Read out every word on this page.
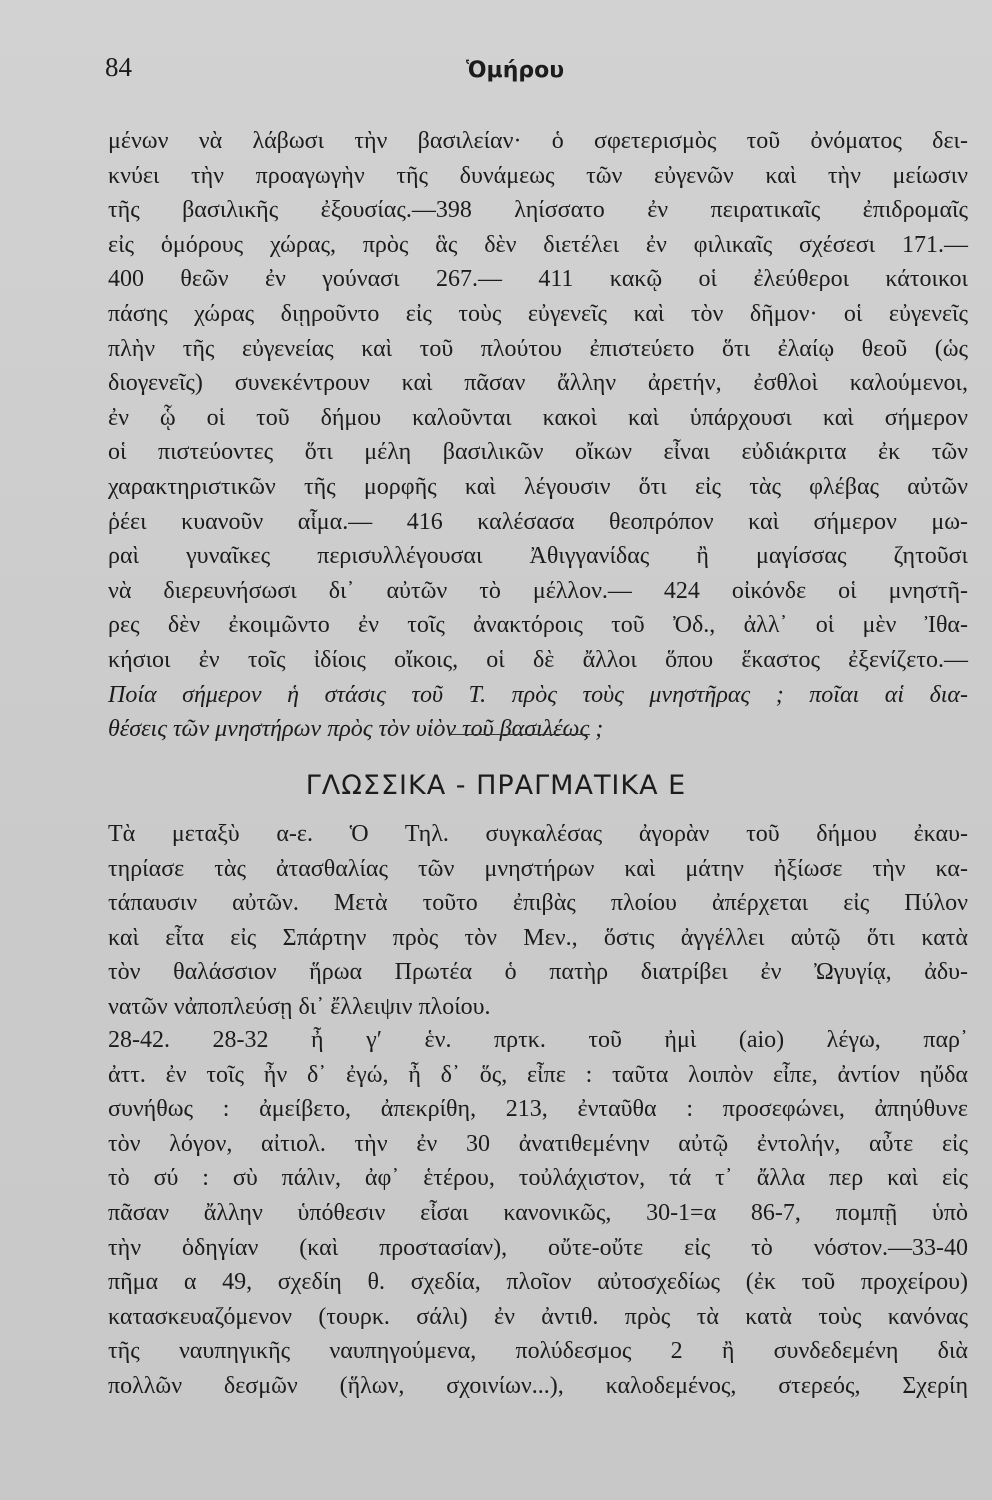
84	Ὁμήρου
μένων νὰ λάβωσι τὴν βασιλείαν· ὁ σφετερισμὸς τοῦ ὀνόματος δει-
κνύει τὴν προαγωγὴν τῆς δυνάμεως τῶν εὐγενῶν καὶ τὴν μείωσιν
τῆς βασιλικῆς ἐξουσίας.—398 ληίσσατο ἐν πειρατικαῖς ἐπιδρομαῖς
εἰς ὁμόρους χώρας, πρὸς ἃς δὲν διετέλει ἐν φιλικαῖς σχέσεσι 171.—
400 θεῶν ἐν γούνασι 267.— 411 κακῷ οἱ ἐλεύθεροι κάτοικοι
πάσης χώρας διῃροῦντο εἰς τοὺς εὐγενεῖς καὶ τὸν δῆμον· οἱ εὐγενεῖς
πλὴν τῆς εὐγενείας καὶ τοῦ πλούτου ἐπιστεύετο ὅτι ἐλαίῳ θεοῦ (ὡς
διογενεῖς) συνεκέντρουν καὶ πᾶσαν ἄλλην ἀρετήν, ἐσθλοὶ καλούμενοι,
ἐν ᾧ οἱ τοῦ δήμου καλοῦνται κακοὶ καὶ ὑπάρχουσι καὶ σήμερον
οἱ πιστεύοντες ὅτι μέλη βασιλικῶν οἴκων εἶναι εὐδιάκριτα ἐκ τῶν
χαρακτηριστικῶν τῆς μορφῆς καὶ λέγουσιν ὅτι εἰς τὰς φλέβας αὐτῶν
ῥέει κυανοῦν αἷμα.— 416 καλέσασα θεοπρόπον καὶ σήμερον μω-
ραὶ γυναῖκες περισυλλέγουσαι Ἀθιγγανίδας ἢ μαγίσσας ζητοῦσι
νὰ διερευνήσωσι δι᾽ αὐτῶν τὸ μέλλον.— 424 οἰκόνδε οἱ μνηστῆ-
ρες δὲν ἐκοιμῶντο ἐν τοῖς ἀνακτόροις τοῦ Ὀδ., ἀλλ᾽ οἱ μὲν Ἰθα-
κήσιοι ἐν τοῖς ἰδίοις οἴκοις, οἱ δὲ ἄλλοι ὅπου ἕκαστος ἐξενίζετο.—
Ποία σήμερον ἡ στάσις τοῦ Τ. πρὸς τοὺς μνηστῆρας ; ποῖαι αἱ δια-
θέσεις τῶν μνηστήρων πρὸς τὸν υἱὸν τοῦ βασιλέως ;
ΓΛΩΣΣΙΚΑ - ΠΡΑΓΜΑΤΙΚΑ Ε
Τὰ μεταξὺ α-ε. Ὁ Τηλ. συγκαλέσας ἀγορὰν τοῦ δήμου ἐκαυ-
τηρίασε τὰς ἀτασθαλίας τῶν μνηστήρων καὶ μάτην ἠξίωσε τὴν κα-
τάπαυσιν αὐτῶν. Μετὰ τοῦτο ἐπιβὰς πλοίου ἀπέρχεται εἰς Πύλον
καὶ εἶτα εἰς Σπάρτην πρὸς τὸν Μεν., ὅστις ἀγγέλλει αὐτῷ ὅτι κατὰ
τὸν θαλάσσιον ἥρωα Πρωτέα ὁ πατὴρ διατρίβει ἐν Ὠγυγίᾳ, ἀδυ-
νατῶν νἀποπλεύσῃ δι᾽ ἔλλειψιν πλοίου.
28-42. 28-32 ἦ γ′ ἑν. πρτκ. τοῦ ἠμὶ (aio) λέγω, παρ᾽
ἀττ. ἐν τοῖς ἦν δ᾽ ἐγώ, ἦ δ᾽ ὅς, εἶπε : ταῦτα λοιπὸν εἶπε, ἀντίον ηὔδα
συνήθως : ἀμείβετο, ἀπεκρίθη, 213, ἐνταῦθα : προσεφώνει, ἀπηύθυνε
τὸν λόγον, αἰτιολ. τὴν ἐν 30 ἀνατιθεμένην αὐτῷ ἐντολήν, αὖτε εἰς
τὸ σύ : σὺ πάλιν, ἀφ᾽ ἑτέρου, τοὐλάχιστον, τά τ᾽ ἄλλα περ καὶ εἰς
πᾶσαν ἄλλην ὑπόθεσιν εἶσαι κανονικῶς, 30-1=α 86-7, πομπῇ ὑπὸ
τὴν ὁδηγίαν (καὶ προστασίαν), οὔτε-οὔτε εἰς τὸ νόστον.—33-40
πῆμα α 49, σχεδίη θ. σχεδία, πλοῖον αὐτοσχεδίως (ἐκ τοῦ προχείρου)
κατασκευαζόμενον (τουρκ. σάλι) ἐν ἀντιθ. πρὸς τὰ κατὰ τοὺς κανόνας
τῆς ναυπηγικῆς ναυπηγούμενα, πολύδεσμος 2 ἢ συνδεδεμένη διὰ
πολλῶν δεσμῶν (ἥλων, σχοινίων...), καλοδεμένος, στερεός, Σχερίη
